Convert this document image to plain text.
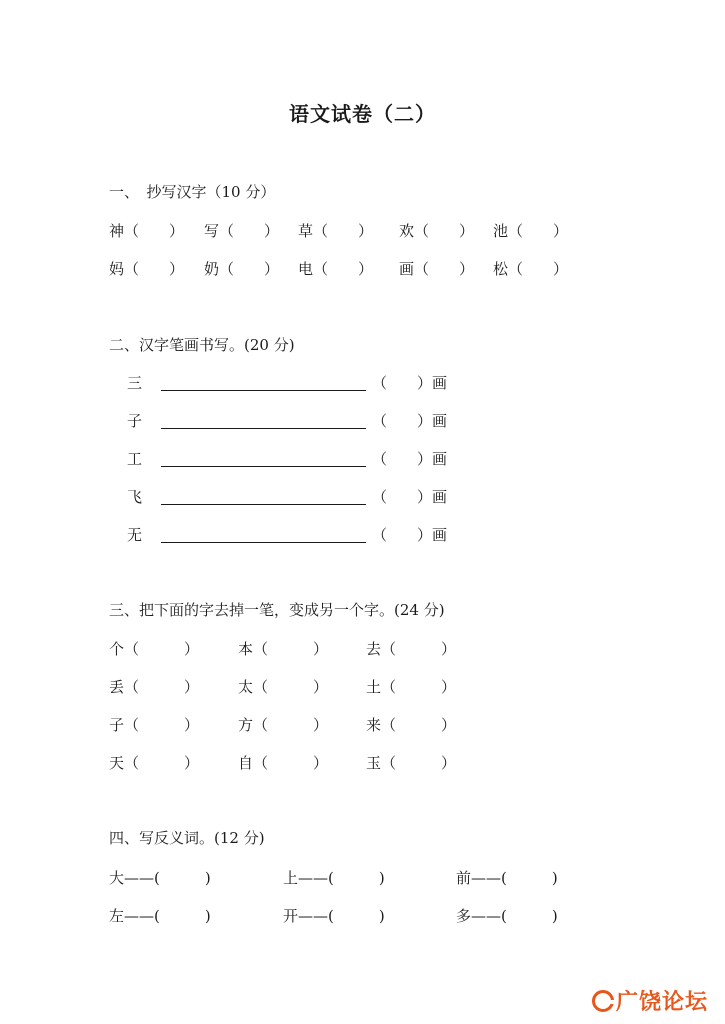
语文试卷（二）
一、　抄写汉字（10 分）
神（　　） 写（　　） 草（　　） 欢（　　） 池（　　）
妈（　　） 奶（　　） 电（　　） 画（　　） 松（　　）
二、汉字笔画书写。(20 分)
三	（　　）画
子	（　　）画
工	（　　）画
飞	（　　）画
无	（　　）画
三、把下面的字去掉一笔，变成另一个字。(24 分)
个（　　　）	本（　　　）	去（　　　）
丢（　　　）	太（　　　）	土（　　　）
子（　　　）	方（　　　）	来（　　　）
天（　　　）	自（　　　）	玉（　　　）
四、写反义词。(12 分)
大——(　　　)	上——(　　　)	前——(　　　)
左——(　　　)	开——(　　　)	多——(　　　)
广饶论坛
